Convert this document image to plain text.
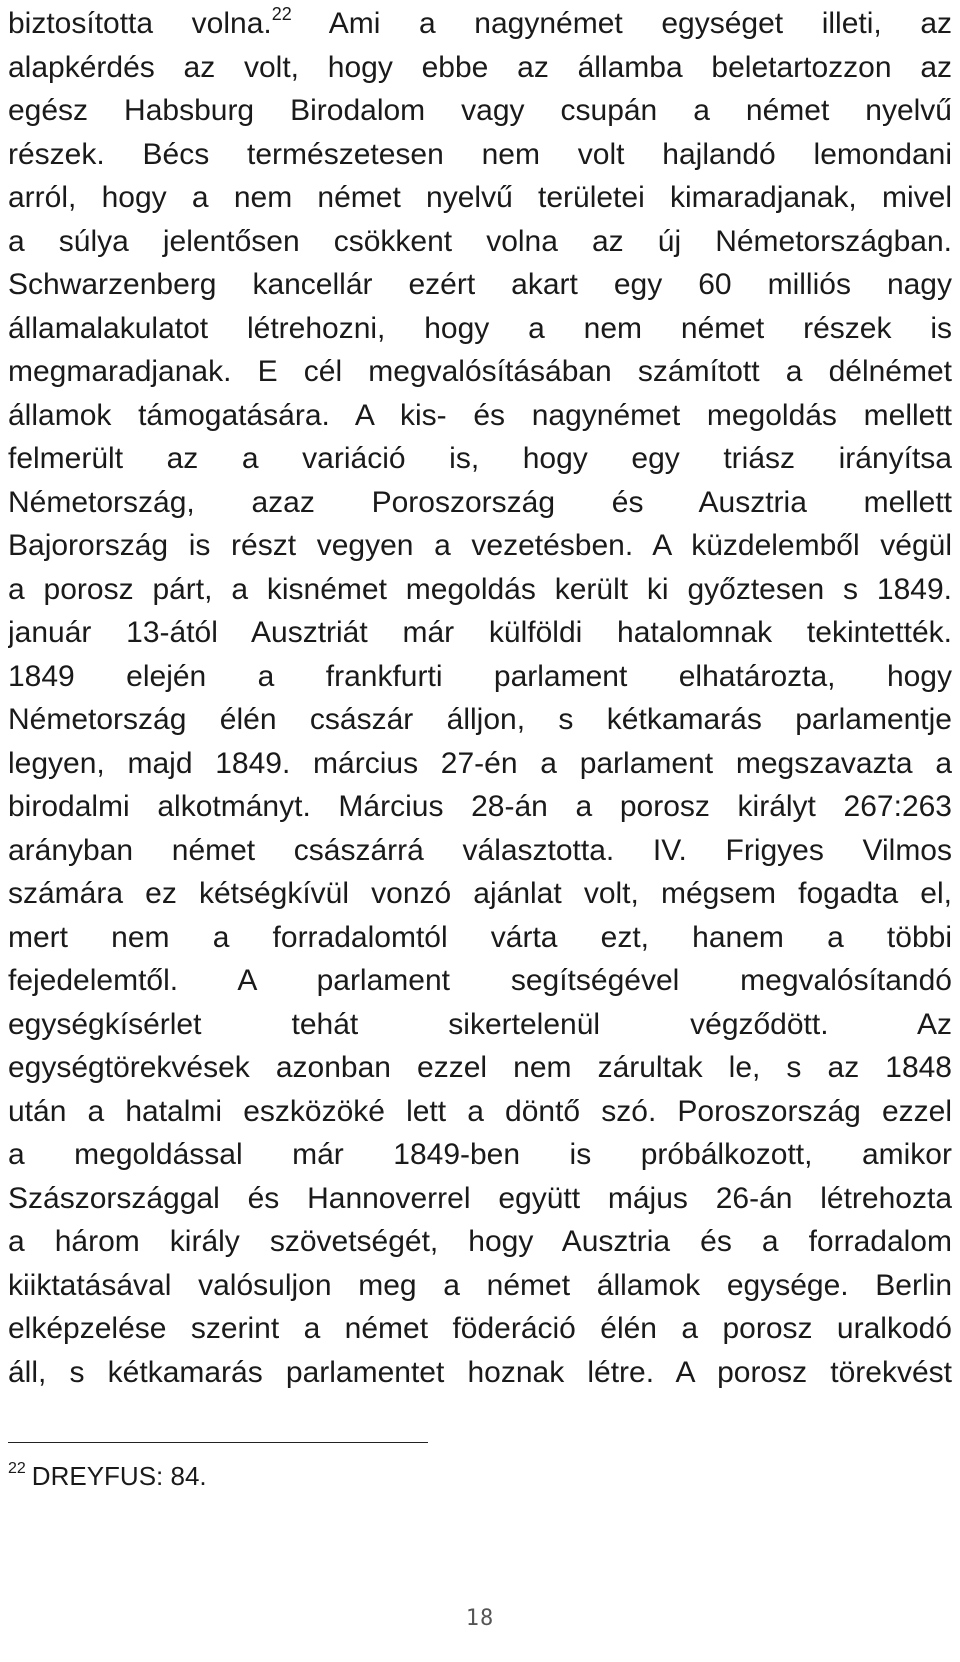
biztosította volna.$^{22}$ Ami a nagynémet egységet illeti, az
alapkérdés az volt, hogy ebbe az államba beletartozzon az
egész Habsburg Birodalom vagy csupán a német nyelvű
részek. Bécs természetesen nem volt hajlandó lemondani
arról, hogy a nem német nyelvű területei kimaradjanak, mivel
a súlya jelentősen csökkent volna az új Németországban.
Schwarzenberg kancellár ezért akart egy 60 milliós nagy
államalakulatot létrehozni, hogy a nem német részek is
megmaradjanak. E cél megvalósításában számított a délnémet
államok támogatására. A kis- és nagynémet megoldás mellett
felmerült az a variáció is, hogy egy triász irányítsa
Németország, azaz Poroszország és Ausztria mellett
Bajorország is részt vegyen a vezetésben. A küzdelemből végül
a porosz párt, a kisnémet megoldás került ki győztesen s 1849.
január 13-ától Ausztriát már külföldi hatalomnak tekintették.
1849 elején a frankfurti parlament elhatározta, hogy
Németország élén császár álljon, s kétkamarás parlamentje
legyen, majd 1849. március 27-én a parlament megszavazta a
birodalmi alkotmányt. Március 28-án a porosz királyt 267:263
arányban német császárrá választotta. IV. Frigyes Vilmos
számára ez kétségkívül vonzó ajánlat volt, mégsem fogadta el,
mert nem a forradalomtól várta ezt, hanem a többi
fejedelemtől. A parlament segítségével megvalósítandó
egységkísérlet tehát sikertelenül végződött. Az
egységtörekvések azonban ezzel nem zárultak le, s az 1848
után a hatalmi eszközöké lett a döntő szó. Poroszország ezzel
a megoldással már 1849-ben is próbálkozott, amikor
Szászországgal és Hannoverrel együtt május 26-án létrehozta
a három király szövetségét, hogy Ausztria és a forradalom
kiiktatásával valósuljon meg a német államok egysége. Berlin
elképzelése szerint a német föderáció élén a porosz uralkodó
áll, s kétkamarás parlamentet hoznak létre. A porosz törekvést
$^{22}$ DREYFUS: 84.
18
